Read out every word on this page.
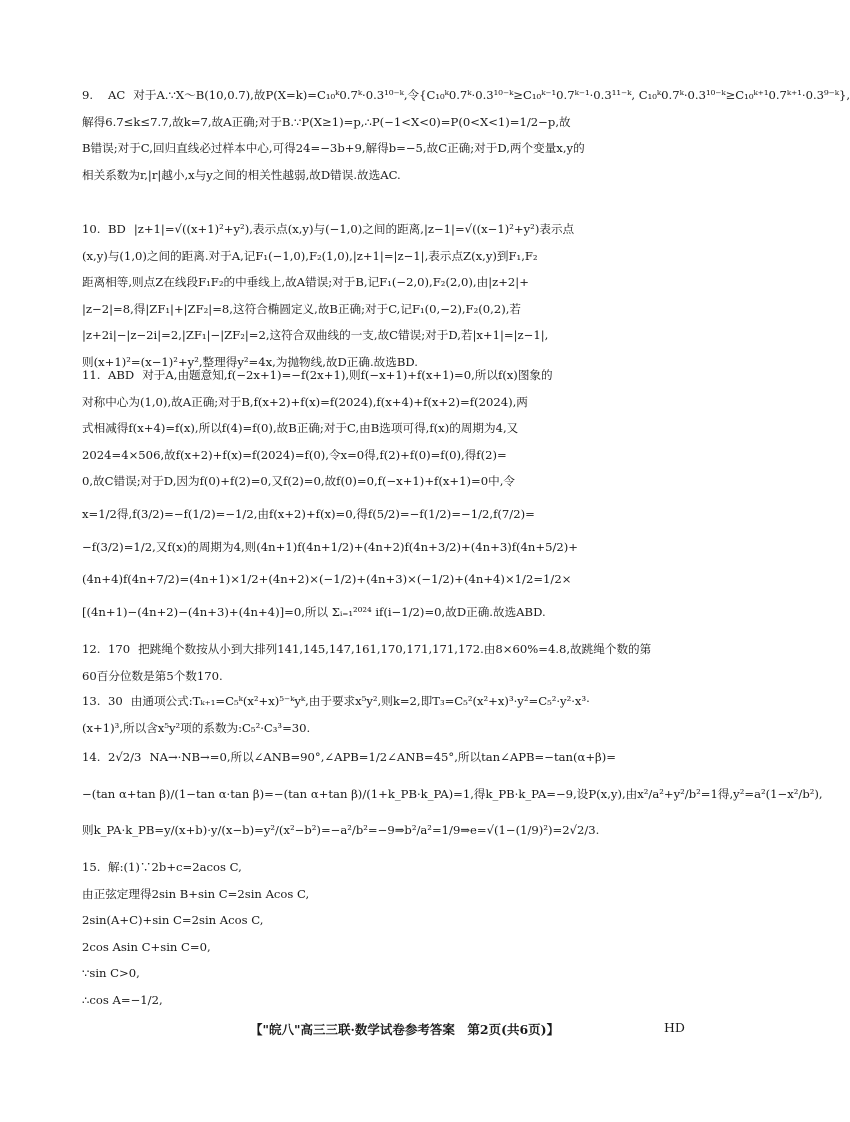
9. AC 对于A.∵X～B(10,0.7),故P(X=k)=C₁₀ᵏ0.7ᵏ·0.3¹⁰⁻ᵏ,令{C₁₀ᵏ0.7ᵏ·0.3¹⁰⁻ᵏ≥C₁₀ᵏ⁻¹0.7ᵏ⁻¹·0.3¹¹⁻ᵏ, C₁₀ᵏ0.7ᵏ·0.3¹⁰⁻ᵏ≥C₁₀ᵏ⁺¹0.7ᵏ⁺¹·0.3⁹⁻ᵏ},
解得6.7≤k≤7.7,故k=7,故A正确;对于B.∵P(X≥1)=p,∴P(−1<X<0)=P(0<X<1)=1/2−p,故
B错误;对于C,回归直线必过样本中心,可得24=−3b+9,解得b=−5,故C正确;对于D,两个变量x,y的
相关系数为r,|r|越小,x与y之间的相关性越弱,故D错误.故选AC.
10. BD |z+1|=√((x+1)²+y²),表示点(x,y)与(−1,0)之间的距离,|z−1|=√((x−1)²+y²)表示点
(x,y)与(1,0)之间的距离.对于A,记F₁(−1,0),F₂(1,0),|z+1|=|z−1|,表示点Z(x,y)到F₁,F₂
距离相等,则点Z在线段F₁F₂的中垂线上,故A错误;对于B,记F₁(−2,0),F₂(2,0),由|z+2|+
|z−2|=8,得|ZF₁|+|ZF₂|=8,这符合椭圆定义,故B正确;对于C,记F₁(0,−2),F₂(0,2),若
|z+2i|−|z−2i|=2,|ZF₁|−|ZF₂|=2,这符合双曲线的一支,故C错误;对于D,若|x+1|=|z−1|,
则(x+1)²=(x−1)²+y²,整理得y²=4x,为抛物线,故D正确.故选BD.
11. ABD 对于A,由题意知,f(−2x+1)=−f(2x+1),则f(−x+1)+f(x+1)=0,所以f(x)图象的
对称中心为(1,0),故A正确;对于B,f(x+2)+f(x)=f(2024),f(x+4)+f(x+2)=f(2024),两
式相减得f(x+4)=f(x),所以f(4)=f(0),故B正确;对于C,由B选项可得,f(x)的周期为4,又
2024=4×506,故f(x+2)+f(x)=f(2024)=f(0),令x=0得,f(2)+f(0)=f(0),得f(2)=
0,故C错误;对于D,因为f(0)+f(2)=0,又f(2)=0,故f(0)=0,f(−x+1)+f(x+1)=0中,令
x=1/2得,f(3/2)=−f(1/2)=−1/2,由f(x+2)+f(x)=0,得f(5/2)=−f(1/2)=−1/2,f(7/2)=
−f(3/2)=1/2,又f(x)的周期为4,则(4n+1)f(4n+1/2)+(4n+2)f(4n+3/2)+(4n+3)f(4n+5/2)+
(4n+4)f(4n+7/2)=(4n+1)×1/2+(4n+2)×(−1/2)+(4n+3)×(−1/2)+(4n+4)×1/2=1/2×
[(4n+1)−(4n+2)−(4n+3)+(4n+4)]=0,所以 Σᵢ₌₁²⁰²⁴ if(i−1/2)=0,故D正确.故选ABD.
12. 170 把跳绳个数按从小到大排列141,145,147,161,170,171,171,172.由8×60%=4.8,故跳绳个数的第
60百分位数是第5个数170.
13. 30 由通项公式:Tₖ₊₁=C₅ᵏ(x²+x)⁵⁻ᵏyᵏ,由于要求x⁵y²,则k=2,即T₃=C₅²(x²+x)³·y²=C₅²·y²·x³·
(x+1)³,所以含x⁵y²项的系数为:C₅²·C₃³=30.
14. 2√2/3 NA→·NB→=0,所以∠ANB=90°,∠APB=1/2∠ANB=45°,所以tan∠APB=−tan(α+β)=
−(tan α+tan β)/(1−tan α·tan β)=−(tan α+tan β)/(1+k_PB·k_PA)=1,得k_PB·k_PA=−9,设P(x,y),由x²/a²+y²/b²=1得,y²=a²(1−x²/b²),
则k_PA·k_PB=y/(x+b)·y/(x−b)=y²/(x²−b²)=−a²/b²=−9⇒b²/a²=1/9⇒e=√(1−(1/9)²)=2√2/3.
15. 解:(1)∵2b+c=2acos C,
由正弦定理得2sin B+sin C=2sin Acos C,
2sin(A+C)+sin C=2sin Acos C,
2cos Asin C+sin C=0,
∵sin C>0,
∴cos A=−1/2,
【"皖八"高三三联·数学试卷参考答案　第2页(共6页)】	HD
